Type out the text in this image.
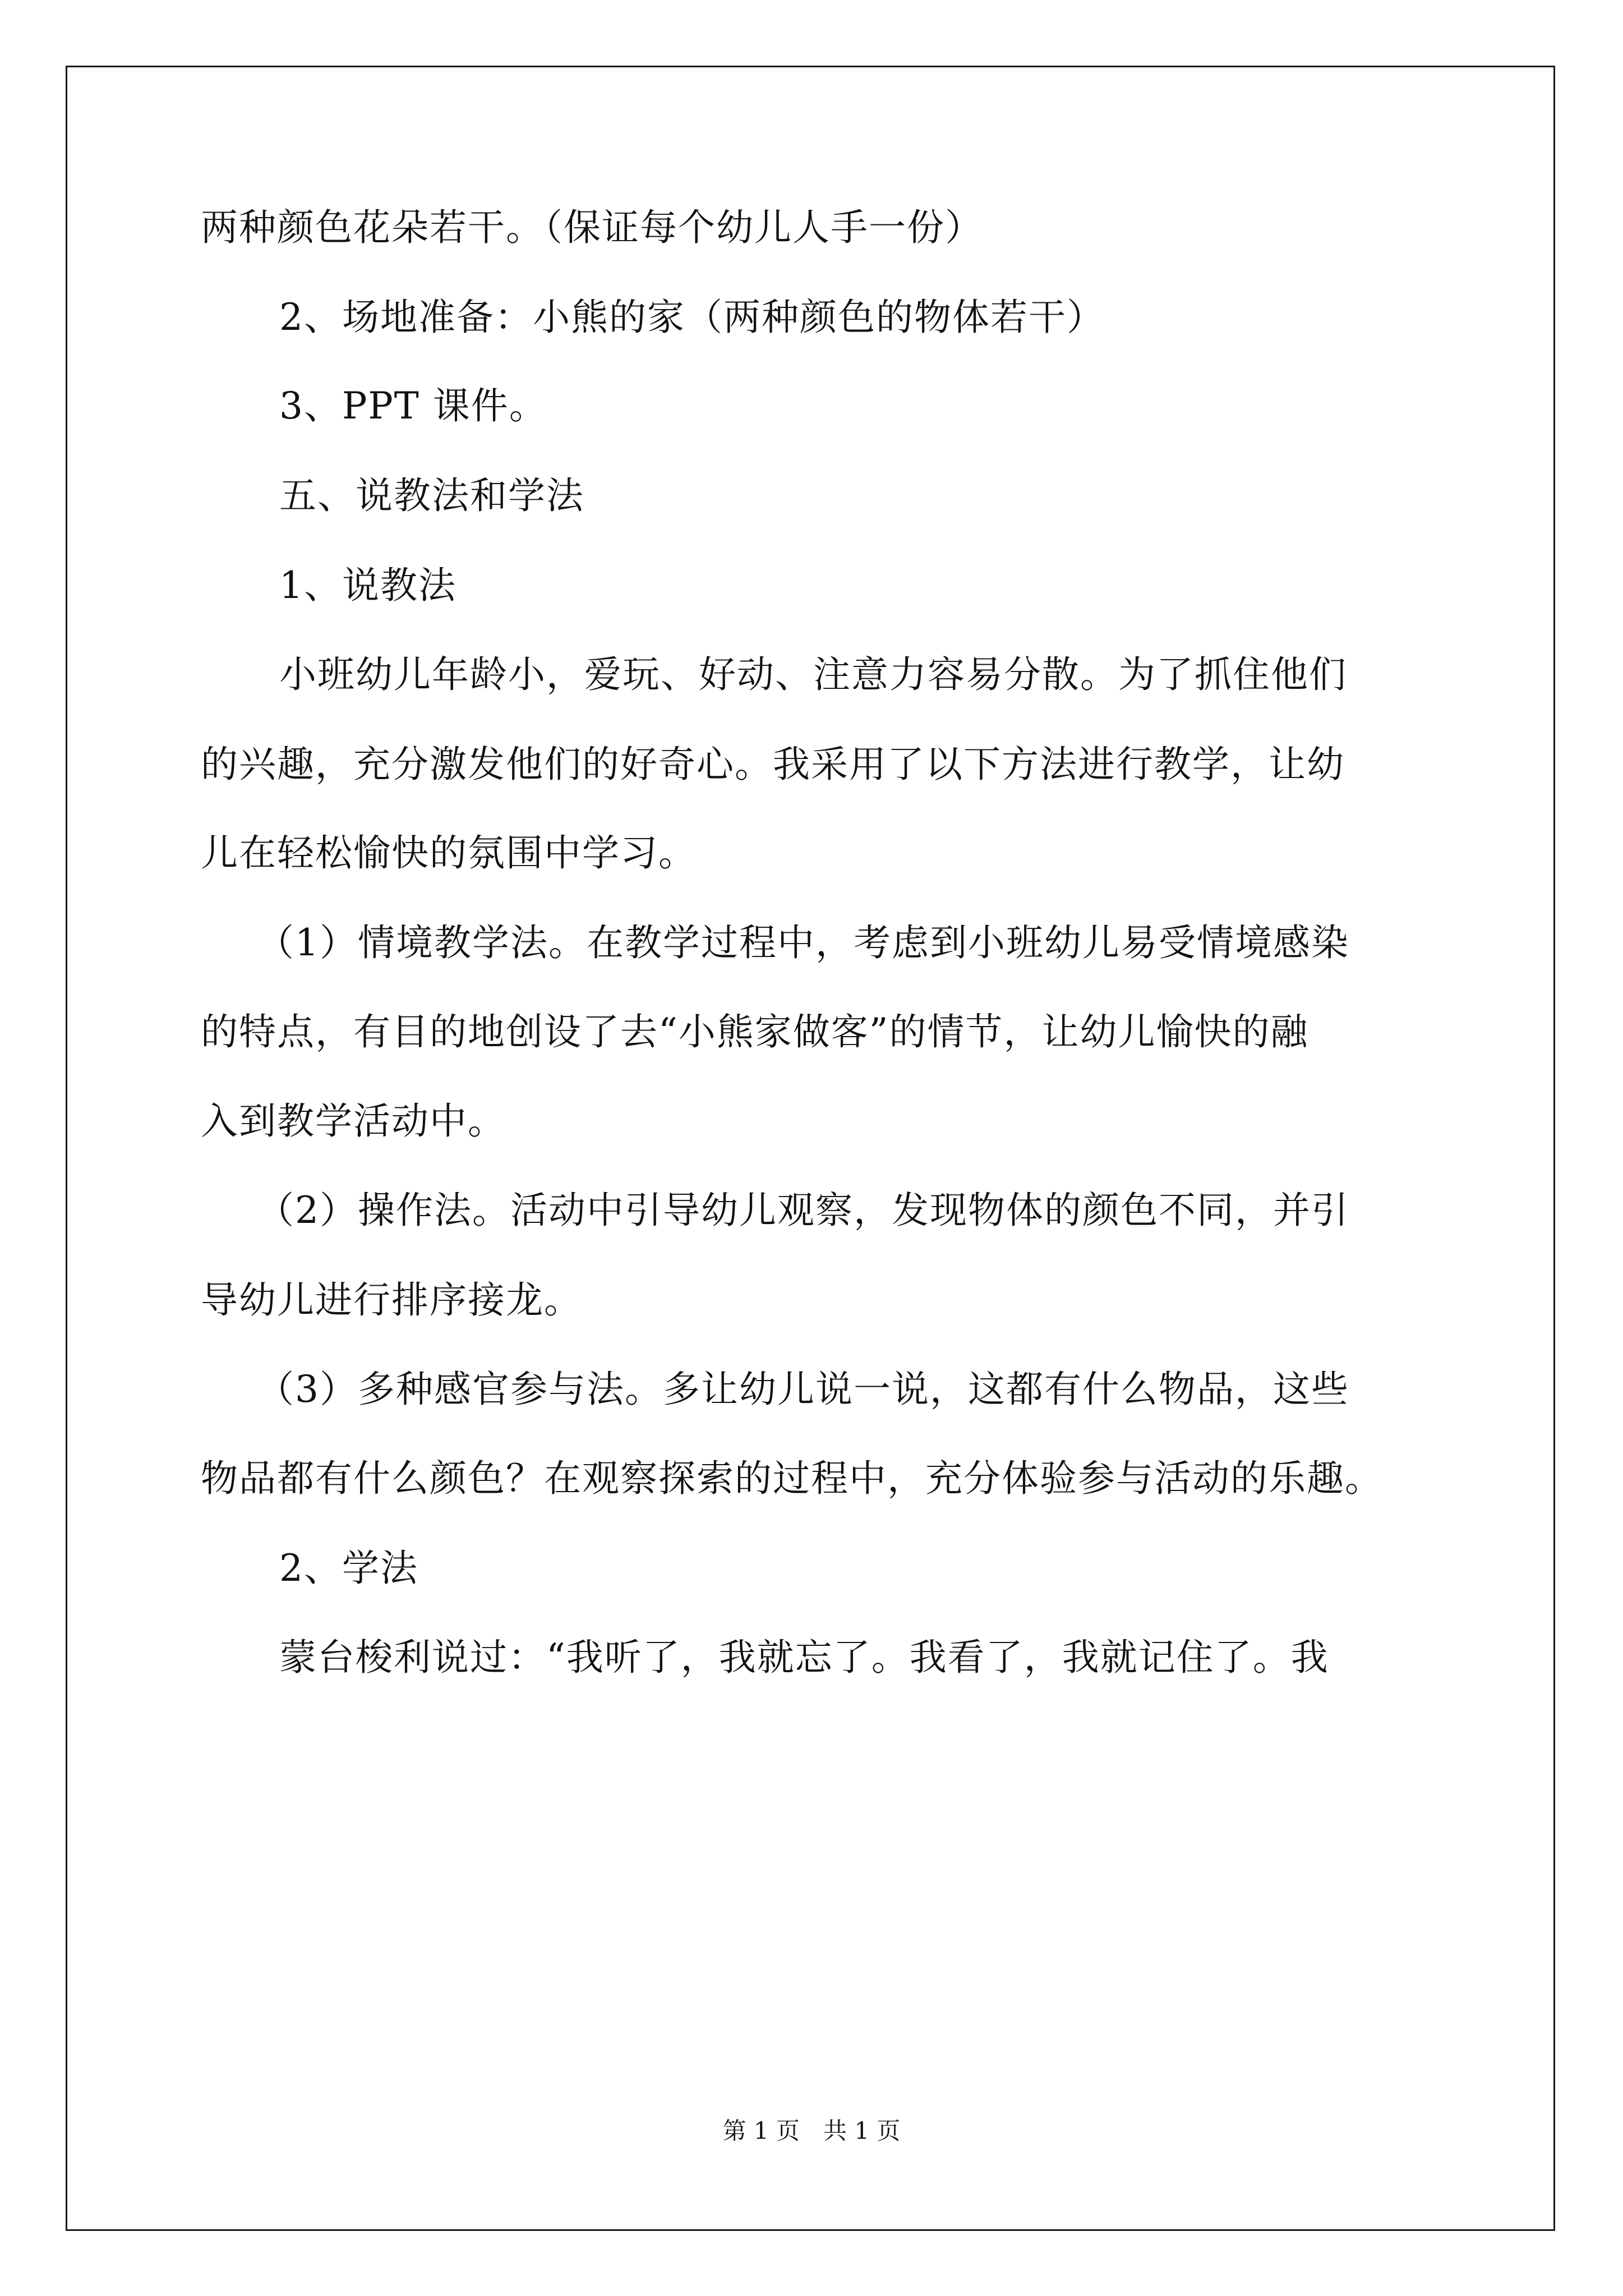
两种颜色花朵若干。（保证每个幼儿人手一份）
2、场地准备：小熊的家（两种颜色的物体若干）
3、PPT 课件。
五、说教法和学法
1、说教法
小班幼儿年龄小，爱玩、好动、注意力容易分散。为了抓住他们
的兴趣，充分激发他们的好奇心。我采用了以下方法进行教学，让幼
儿在轻松愉快的氛围中学习。
（1）情境教学法。在教学过程中，考虑到小班幼儿易受情境感染
的特点，有目的地创设了去“小熊家做客”的情节，让幼儿愉快的融
入到教学活动中。
（2）操作法。活动中引导幼儿观察，发现物体的颜色不同，并引
导幼儿进行排序接龙。
（3）多种感官参与法。多让幼儿说一说，这都有什么物品，这些
物品都有什么颜色？在观察探索的过程中，充分体验参与活动的乐趣。
2、学法
蒙台梭利说过：“我听了，我就忘了。我看了，我就记住了。我
第 1 页　共 1 页
